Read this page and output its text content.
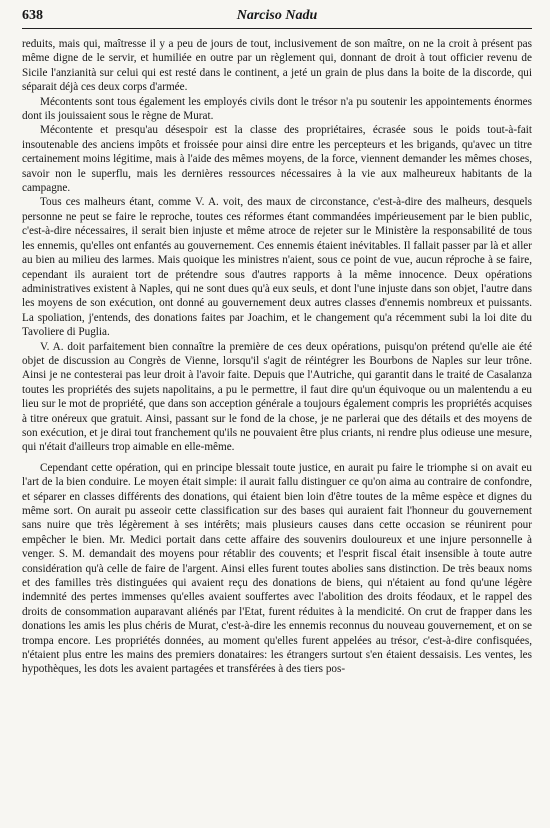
638	Narciso Nadu

reduits, mais qui, maîtresse il y a peu de jours de tout, inclusivement de son maître, on ne la croit à présent pas même digne de le servir, et humiliée en outre par un règlement qui, donnant de droit à tout officier revenu de Sicile l'anzianità sur celui qui est resté dans le continent, a jeté un grain de plus dans la boite de la discorde, qui séparait déjà ces deux corps d'armée.

Mécontents sont tous également les employés civils dont le trésor n'a pu soutenir les appointements énormes dont ils jouissaient sous le règne de Murat.

Mécontente et presqu'au désespoir est la classe des propriétaires, écrasée sous le poids tout-à-fait insoutenable des anciens impôts et froissée pour ainsi dire entre les percepteurs et les brigands, qu'avec un titre certainement moins légitime, mais à l'aide des mêmes moyens, de la force, viennent demander les mêmes choses, savoir non le superflu, mais les dernières ressources nécessaires à la vie aux malheureux habitants de la campagne.

Tous ces malheurs étant, comme V. A. voit, des maux de circonstance, c'est-à-dire des malheurs, desquels personne ne peut se faire le reproche, toutes ces réformes étant commandées impérieusement par le bien public, c'est-à-dire nécessaires, il serait bien injuste et même atroce de rejeter sur le Ministère la responsabilité de tous les ennemis, qu'elles ont enfantés au gouvernement. Ces ennemis étaient inévitables. Il fallait passer par là et aller au bien au milieu des larmes. Mais quoique les ministres n'aient, sous ce point de vue, aucun réproche à se faire, cependant ils auraient tort de prétendre sous d'autres rapports à la même innocence. Deux opérations administratives existent à Naples, qui ne sont dues qu'à eux seuls, et dont l'une injuste dans son objet, l'autre dans les moyens de son exécution, ont donné au gouvernement deux autres classes d'ennemis nombreux et puissants. La spoliation, j'entends, des donations faites par Joachim, et le changement qu'a récemment subi la loi dite du Tavoliere di Puglia.

V. A. doit parfaitement bien connaître la première de ces deux opérations, puisqu'on prétend qu'elle aie été objet de discussion au Congrès de Vienne, lorsqu'il s'agit de réintégrer les Bourbons de Naples sur leur trône. Ainsi je ne contesterai pas leur droit à l'avoir faite. Depuis que l'Autriche, qui garantit dans le traité de Casalanza toutes les propriétés des sujets napolitains, a pu le permettre, il faut dire qu'un équivoque ou un malentendu a eu lieu sur le mot de propriété, que dans son acception générale a toujours également compris les propriétés acquises à titre onéreux que gratuit. Ainsi, passant sur le fond de la chose, je ne parlerai que des détails et des moyens de son exécution, et je dirai tout franchement qu'ils ne pouvaient être plus criants, ni rendre plus odieuse une mesure, qui n'était d'ailleurs trop aimable en elle-même.

Cependant cette opération, qui en principe blessait toute justice, en aurait pu faire le triomphe si on avait eu l'art de la bien conduire. Le moyen était simple: il aurait fallu distinguer ce qu'on aima au contraire de confondre, et séparer en classes différents des donations, qui étaient bien loin d'être toutes de la même espèce et dignes du même sort. On aurait pu asseoir cette classification sur des bases qui auraient fait l'honneur du gouvernement sans nuire que très légèrement à ses intérêts; mais plusieurs causes dans cette occasion se réunirent pour empêcher le bien. Mr. Medici portait dans cette affaire des souvenirs douloureux et une injure personnelle à venger. S. M. demandait des moyens pour rétablir des couvents; et l'esprit fiscal était insensible à toute autre considération qu'à celle de faire de l'argent. Ainsi elles furent toutes abolies sans distinction. De très beaux noms et des familles très distinguées qui avaient reçu des donations de biens, qui n'étaient au fond qu'une légère indemnité des pertes immenses qu'elles avaient souffertes avec l'abolition des droits féodaux, et le rappel des droits de consommation auparavant aliénés par l'Etat, furent réduites à la mendicité. On crut de frapper dans les donations les amis les plus chéris de Murat, c'est-à-dire les ennemis reconnus du nouveau gouvernement, et on se trompa encore. Les propriétés données, au moment qu'elles furent appelées au trésor, c'est-à-dire confisquées, n'étaient plus entre les mains des premiers donataires: les étrangers surtout s'en étaient dessaisis. Les ventes, les hypothèques, les dots les avaient partagées et transférées à des tiers pos-
